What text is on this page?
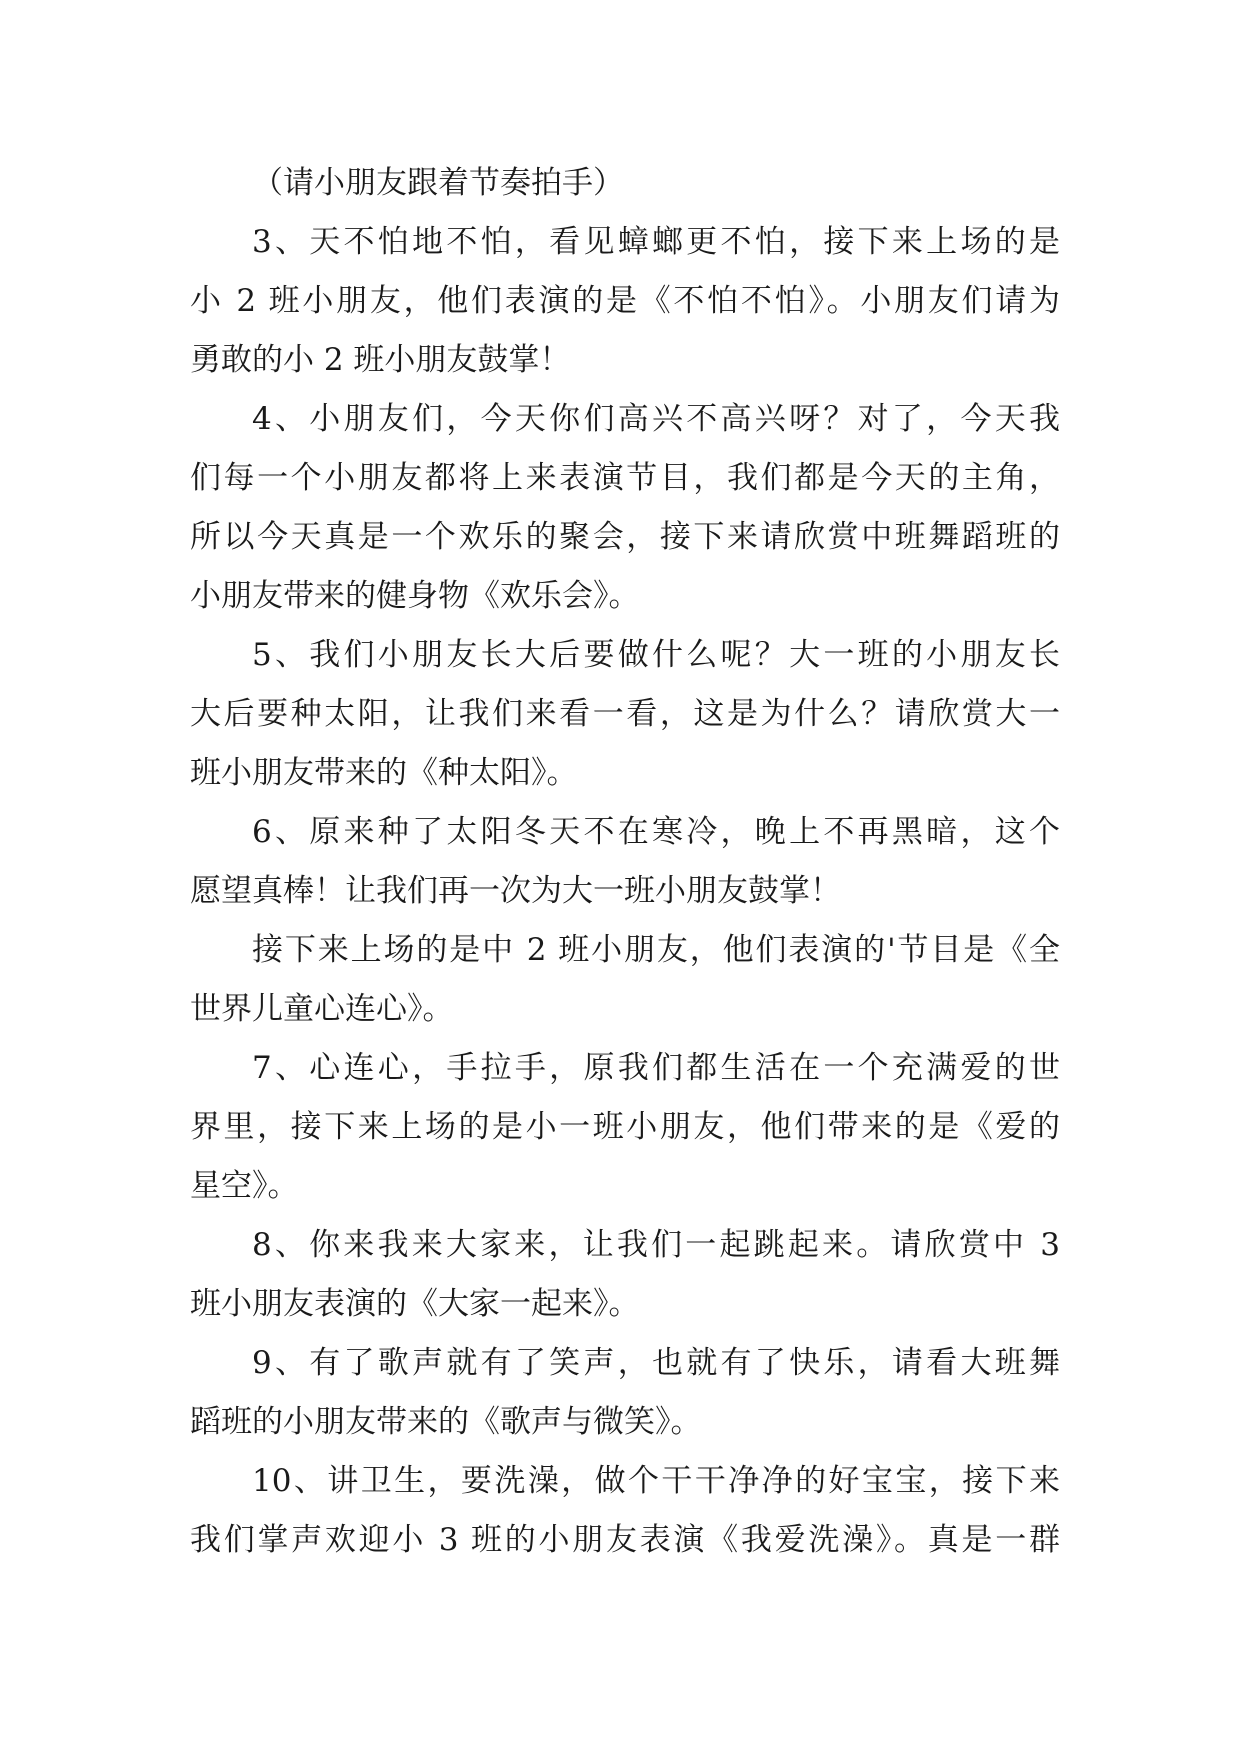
（请小朋友跟着节奏拍手）
3、天不怕地不怕，看见蟑螂更不怕，接下来上场的是
小 2 班小朋友，他们表演的是《不怕不怕》。小朋友们请为
勇敢的小 2 班小朋友鼓掌！
4、小朋友们，今天你们高兴不高兴呀？对了，今天我
们每一个小朋友都将上来表演节目，我们都是今天的主角，
所以今天真是一个欢乐的聚会，接下来请欣赏中班舞蹈班的
小朋友带来的健身物《欢乐会》。
5、我们小朋友长大后要做什么呢？大一班的小朋友长
大后要种太阳，让我们来看一看，这是为什么？请欣赏大一
班小朋友带来的《种太阳》。
6、原来种了太阳冬天不在寒冷，晚上不再黑暗，这个
愿望真棒！让我们再一次为大一班小朋友鼓掌！
接下来上场的是中 2 班小朋友，他们表演的'节目是《全
世界儿童心连心》。
7、心连心，手拉手，原我们都生活在一个充满爱的世
界里，接下来上场的是小一班小朋友，他们带来的是《爱的
星空》。
8、你来我来大家来，让我们一起跳起来。请欣赏中 3
班小朋友表演的《大家一起来》。
9、有了歌声就有了笑声，也就有了快乐，请看大班舞
蹈班的小朋友带来的《歌声与微笑》。
10、讲卫生，要洗澡，做个干干净净的好宝宝，接下来
我们掌声欢迎小 3 班的小朋友表演《我爱洗澡》。真是一群
